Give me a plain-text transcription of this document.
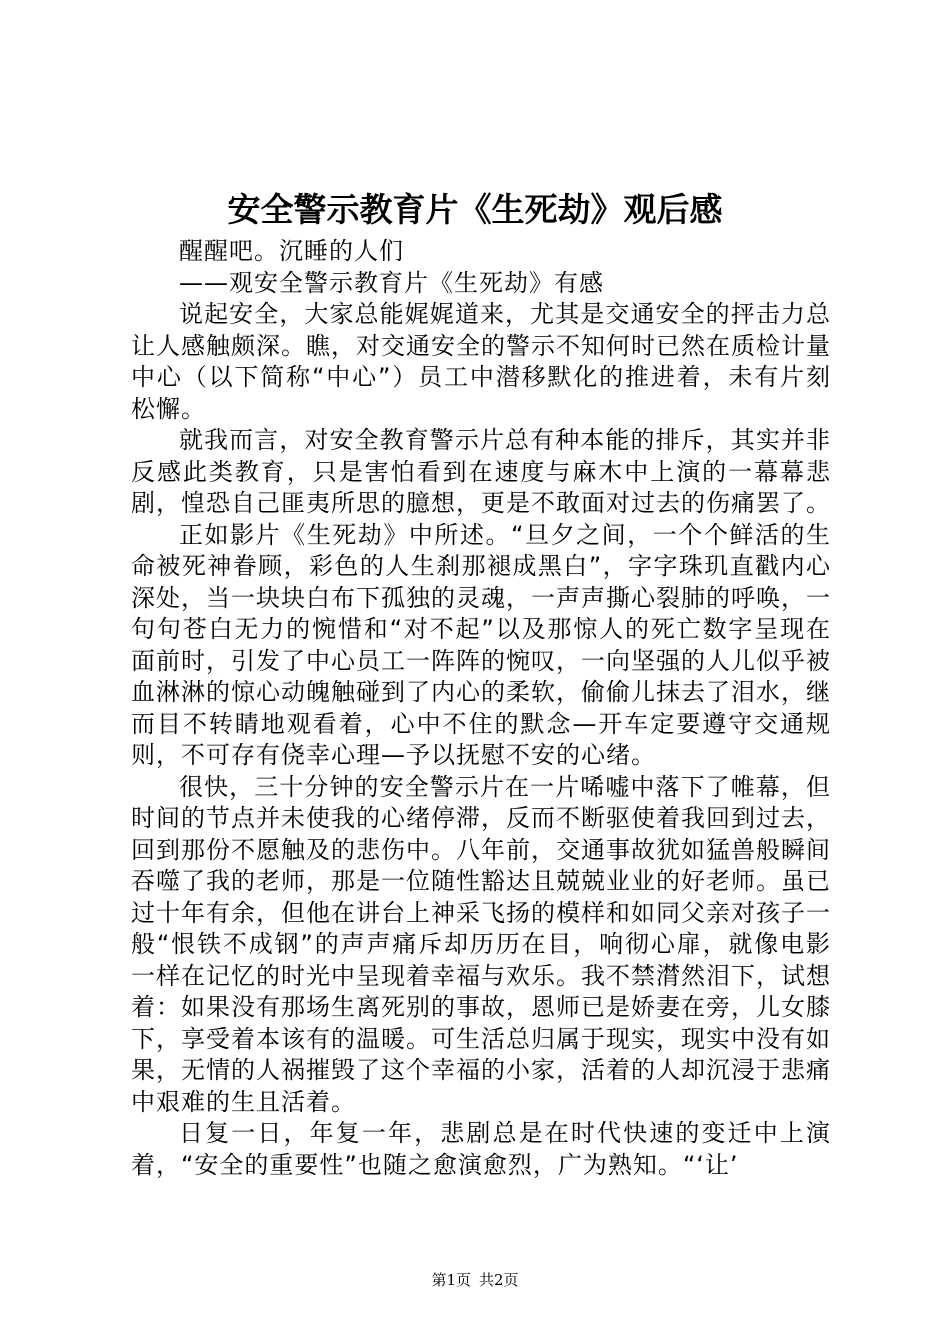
安全警示教育片《生死劫》观后感

醒醒吧。沉睡的人们

——观安全警示教育片《生死劫》有感

说起安全，大家总能娓娓道来，尤其是交通安全的抨击力总让人感触颇深。瞧，对交通安全的警示不知何时已然在质检计量中心（以下简称“中心”）员工中潜移默化的推进着，未有片刻松懈。

就我而言，对安全教育警示片总有种本能的排斥，其实并非反感此类教育，只是害怕看到在速度与麻木中上演的一幕幕悲剧，惶恐自己匪夷所思的臆想，更是不敢面对过去的伤痛罢了。

正如影片《生死劫》中所述。“旦夕之间，一个个鲜活的生命被死神眷顾，彩色的人生刹那褪成黑白”，字字珠玑直戳内心深处，当一块块白布下孤独的灵魂，一声声撕心裂肺的呼唤，一句句苍白无力的惋惜和“对不起”以及那惊人的死亡数字呈现在面前时，引发了中心员工一阵阵的惋叹，一向坚强的人儿似乎被血淋淋的惊心动魄触碰到了内心的柔软，偷偷儿抹去了泪水，继而目不转睛地观看着，心中不住的默念—开车定要遵守交通规则，不可存有侥幸心理—予以抚慰不安的心绪。

很快，三十分钟的安全警示片在一片唏嘘中落下了帷幕，但时间的节点并未使我的心绪停滞，反而不断驱使着我回到过去，回到那份不愿触及的悲伤中。八年前，交通事故犹如猛兽般瞬间吞噬了我的老师，那是一位随性豁达且兢兢业业的好老师。虽已过十年有余，但他在讲台上神采飞扬的模样和如同父亲对孩子一般“恨铁不成钢”的声声痛斥却历历在目，响彻心扉，就像电影一样在记忆的时光中呈现着幸福与欢乐。我不禁潸然泪下，试想着：如果没有那场生离死别的事故，恩师已是娇妻在旁，儿女膝下，享受着本该有的温暖。可生活总归属于现实，现实中没有如果，无情的人祸摧毁了这个幸福的小家，活着的人却沉浸于悲痛中艰难的生且活着。

日复一日，年复一年，悲剧总是在时代快速的变迁中上演着，“安全的重要性”也随之愈演愈烈，广为熟知。“‘让’

第1页 共2页
